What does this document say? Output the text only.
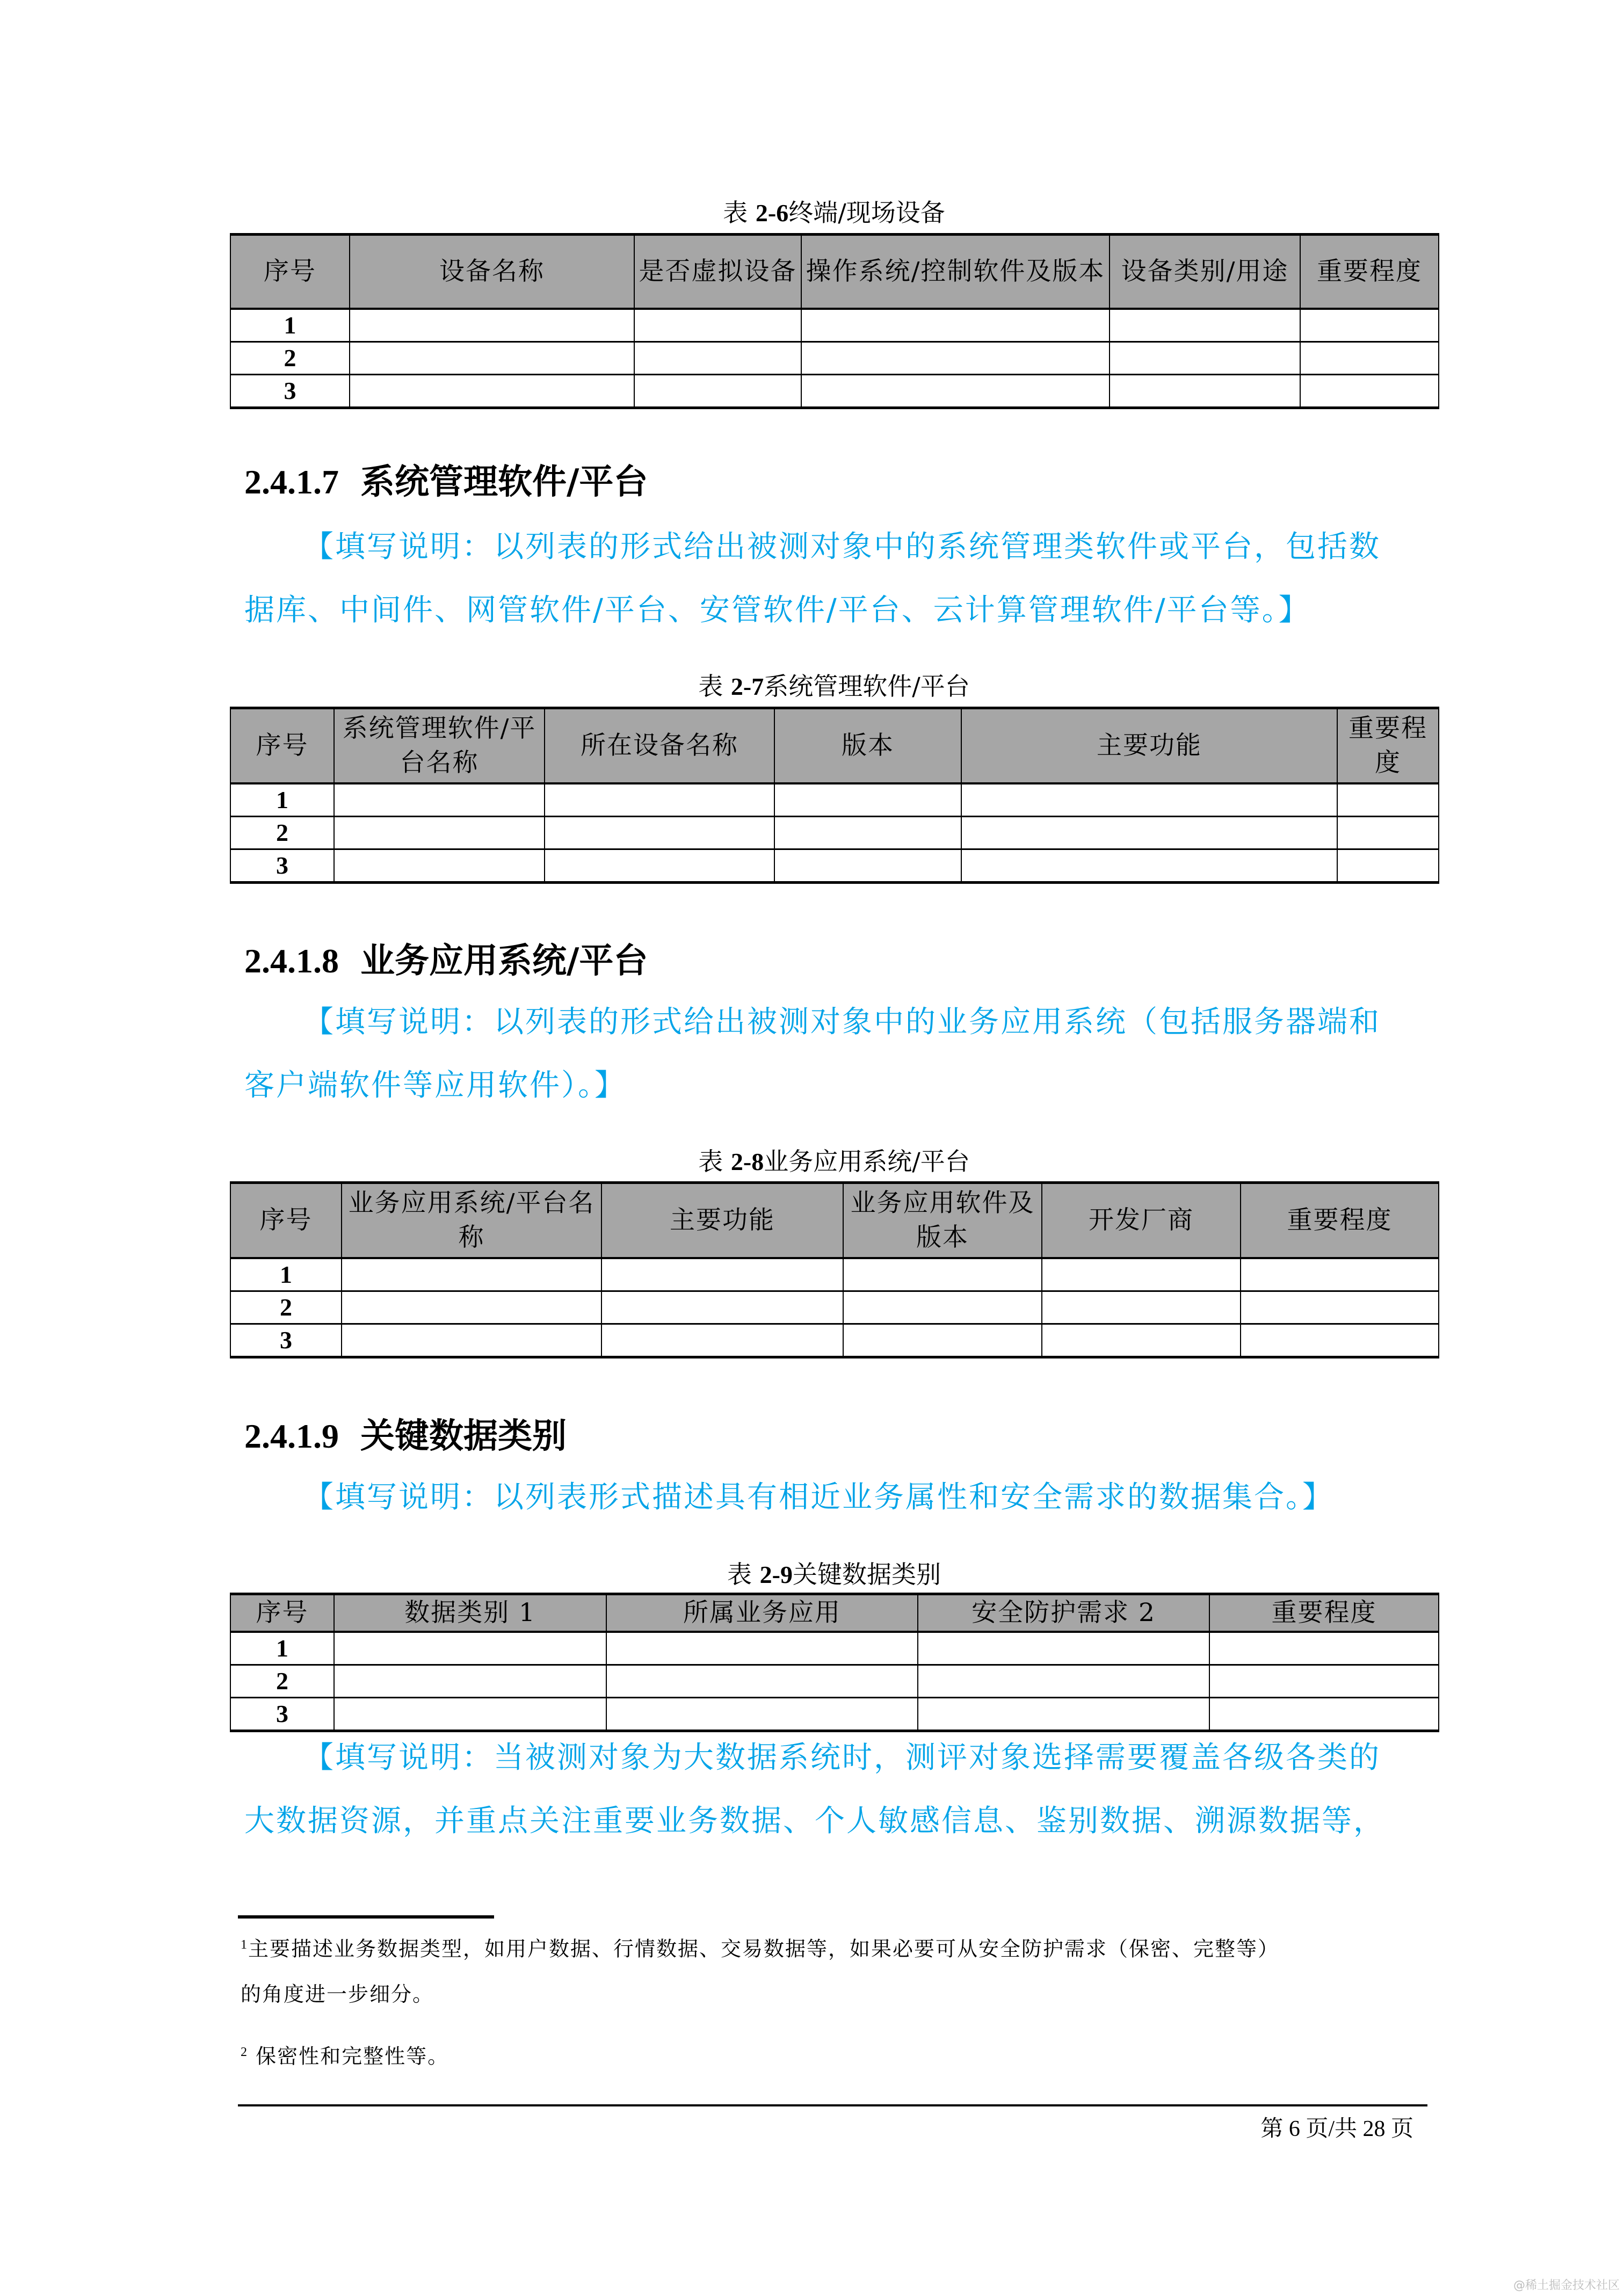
表 2-6终端/现场设备
序号	设备名称	是否虚拟设备	操作系统/控制软件及版本	设备类别/用途	重要程度
1					
2					
3					
2.4.1.7 系统管理软件/平台
【填写说明：以列表的形式给出被测对象中的系统管理类软件或平台，包括数
据库、中间件、网管软件/平台、安管软件/平台、云计算管理软件/平台等。】
表 2-7系统管理软件/平台
序号	系统管理软件/平台名称	所在设备名称	版本	主要功能	重要程度
1					
2					
3					
2.4.1.8 业务应用系统/平台
【填写说明：以列表的形式给出被测对象中的业务应用系统（包括服务器端和
客户端软件等应用软件）。】
表 2-8业务应用系统/平台
序号	业务应用系统/平台名称	主要功能	业务应用软件及版本	开发厂商	重要程度
1					
2					
3					
2.4.1.9 关键数据类别
【填写说明：以列表形式描述具有相近业务属性和安全需求的数据集合。】
表 2-9关键数据类别
序号	数据类别 1	所属业务应用	安全防护需求 2	重要程度
1				
2				
3				
【填写说明：当被测对象为大数据系统时，测评对象选择需要覆盖各级各类的
大数据资源，并重点关注重要业务数据、个人敏感信息、鉴别数据、溯源数据等，
$^1$主要描述业务数据类型，如用户数据、行情数据、交易数据等，如果必要可从安全防护需求（保密、完整等）
的角度进一步细分。
$^2$ 保密性和完整性等。
第 6 页/共 28 页
@稀土掘金技术社区
